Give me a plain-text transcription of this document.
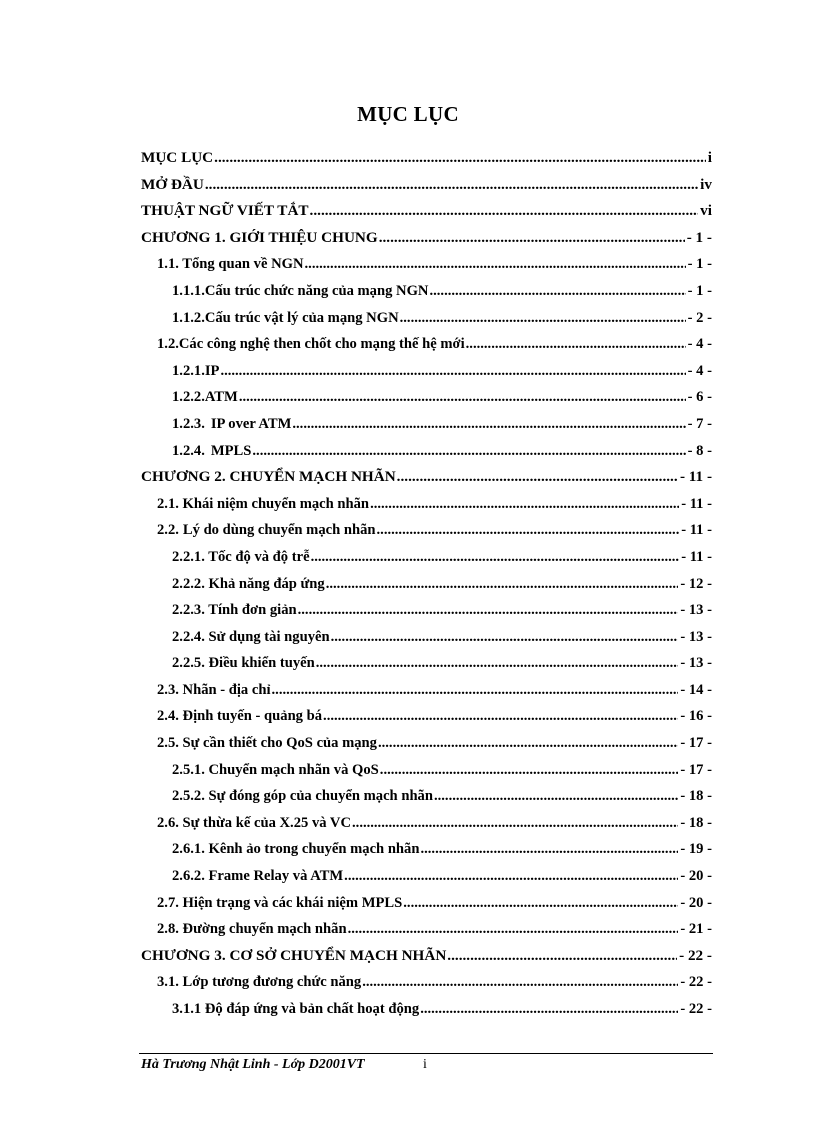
MỤC LỤC
MỤC LỤC .....	i
MỞ ĐẦU .....	iv
THUẬT NGỮ VIẾT TẮT .....	vi
CHƯƠNG 1. GIỚI THIỆU CHUNG .....	- 1 -
1.1. Tổng quan về NGN .....	- 1 -
1.1.1. Cấu trúc chức năng của mạng NGN .....	- 1 -
1.1.2. Cấu trúc vật lý của mạng NGN .....	- 2 -
1.2. Các công nghệ then chốt cho mạng thế hệ mới .....	- 4 -
1.2.1. IP .....	- 4 -
1.2.2. ATM .....	- 6 -
1.2.3. IP over ATM .....	- 7 -
1.2.4. MPLS .....	- 8 -
CHƯƠNG 2. CHUYỂN MẠCH NHÃN .....	- 11 -
2.1. Khái niệm chuyển mạch nhãn .....	- 11 -
2.2. Lý do dùng chuyển mạch nhãn .....	- 11 -
2.2.1. Tốc độ và độ trễ .....	- 11 -
2.2.2. Khả năng đáp ứng .....	- 12 -
2.2.3. Tính đơn giản .....	- 13 -
2.2.4. Sử dụng tài nguyên .....	- 13 -
2.2.5. Điều khiển tuyến .....	- 13 -
2.3. Nhãn - địa chỉ .....	- 14 -
2.4. Định tuyến - quảng bá .....	- 16 -
2.5. Sự cần thiết cho QoS của mạng .....	- 17 -
2.5.1. Chuyển mạch nhãn và QoS .....	- 17 -
2.5.2. Sự đóng góp của chuyển mạch nhãn .....	- 18 -
2.6. Sự thừa kế của X.25 và VC .....	- 18 -
2.6.1. Kênh ảo trong chuyển mạch nhãn .....	- 19 -
2.6.2. Frame Relay và ATM .....	- 20 -
2.7. Hiện trạng và các khái niệm MPLS .....	- 20 -
2.8. Đường chuyển mạch nhãn .....	- 21 -
CHƯƠNG 3. CƠ SỞ CHUYỂN MẠCH NHÃN .....	- 22 -
3.1. Lớp tương đương chức năng .....	- 22 -
3.1.1 Độ đáp ứng và bản chất hoạt động .....	- 22 -
Hà Trương Nhật Linh - Lớp D2001VT	i
